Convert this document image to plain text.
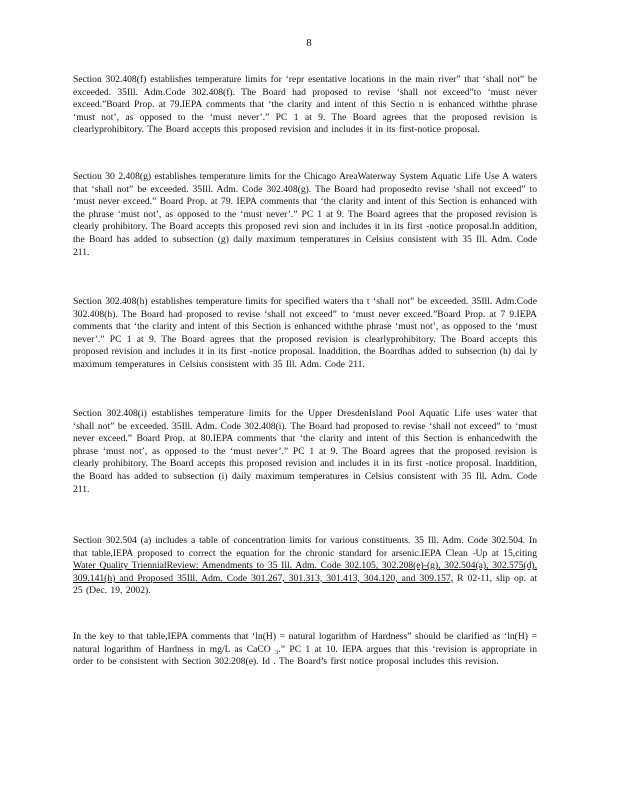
8

Section 302.408(f) establishes temperature limits for ‘repr esentative locations in the main river” that ‘shall not” be exceeded. 35Ill. Adm.Code 302.408(f). The Board had proposed to revise ‘shall not exceed”to ‘must never exceed.”Board Prop. at 79.IEPA comments that ‘the clarity and intent of this Sectio n is enhanced withthe phrase ‘must not’, as opposed to the ‘must never’.” PC 1 at 9. The Board agrees that the proposed revision is clearlyprohibitory. The Board accepts this proposed revision and includes it in its first-notice proposal.

Section 30 2.408(g) establishes temperature limits for the Chicago AreaWaterway System Aquatic Life Use A waters that ‘shall not” be exceeded. 35Ill. Adm. Code 302.408(g). The Board had proposedto revise ‘shall not exceed” to ‘must never exceed.” Board Prop. at 79. IEPA comments that ‘the clarity and intent of this Section is enhanced with the phrase ‘must not’, as opposed to the ‘must never’.” PC 1 at 9. The Board agrees that the proposed revision is clearly prohibitory. The Board accepts this proposed revi sion and includes it in its first -notice proposal.In addition, the Board has added to subsection (g) daily maximum temperatures in Celsius consistent with 35 Ill. Adm. Code 211.

Section 302.408(h) establishes temperature limits for specified waters tha t ‘shall not” be exceeded. 35Ill. Adm.Code 302.408(h). The Board had proposed to revise ‘shall not exceed” to ‘must never exceed.”Board Prop. at 7 9.IEPA comments that ‘the clarity and intent of this Section is enhanced withthe phrase ‘must not’, as opposed to the ‘must never’.” PC 1 at 9. The Board agrees that the proposed revision is clearlyprohibitory. The Board accepts this proposed revision and includes it in its first -notice proposal. Inaddition, the Boardhas added to subsection (h) dai ly maximum temperatures in Celsius consistent with 35 Ill. Adm. Code 211.

Section 302.408(i) establishes temperature limits for the Upper DresdenIsland Pool Aquatic Life uses water that ‘shall not” be exceeded. 35Ill. Adm. Code 302.408(i). The Board had proposed to revise ‘shall not exceed” to ‘must never exceed.” Board Prop. at 80.IEPA comments that ‘the clarity and intent of this Section is enhancedwith the phrase ‘must not’, as opposed to the ‘must never’.” PC 1 at 9. The Board agrees that the proposed revision is clearly prohibitory. The Board accepts this proposed revision and includes it in its first -notice proposal. Inaddition, the Board has added to subsection (i) daily maximum temperatures in Celsius consistent with 35 Ill. Adm. Code 211.

Section 302.504 (a) includes a table of concentration limits for various constituents. 35 Ill. Adm. Code 302.504. In that table,IEPA proposed to correct the equation for the chronic standard for arsenic.IEPA Clean -Up at 15,citing Water Quality TriennialReview: Amendments to 35 Ill. Adm. Code 302.105, 302.208(e)-(g), 302.504(a), 302.575(d), 309.141(h) and Proposed 35Ill. Adm. Code 301.267, 301.313, 301.413, 304.120, and 309.157, R 02-11, slip op. at 25 (Dec. 19, 2002).

In the key to that table,IEPA comments that ‘ln(H) = natural logarithm of Hardness” should be clarified as ‘ln(H) = natural logarithm of Hardness in mg/L as CaCO ₃.” PC 1 at 10. IEPA argues that this ‘revision is appropriate in order to be consistent with Section 302.208(e). Id . The Board’s first notice proposal includes this revision.
